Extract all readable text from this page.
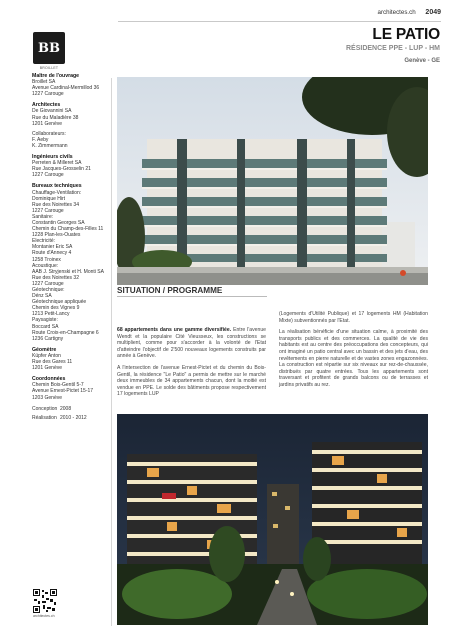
architectes.ch 2049
BB
BROILLET
LE PATIO
RÉSIDENCE PPE - LUP - HM
Genève - GE
Maître de l'ouvrage
Broillet SA
Avenue Cardinal-Mermillod 36
1227 Carouge
Architectes
De Giovannini SA
Rue du Maladière 38
1201 Genève
Collaborateurs:
F. Aeby
K. Zimmermann
Ingénieurs civils
Perreten & Milleret SA
Rue Jacques-Grosselin 21
1227 Carouge
Bureaux techniques
Chauffage-Ventilation:
Dominique Hirt
Rue des Noirettes 34
1227 Carouge
Sanitaire:
Constantin Georges SA
Chemin du Champ-des-Filles 11
1228 Plan-les-Ouates
Electricité:
Montanier Eric SA
Route d'Annecy 4
1258 Troinex
Acoustique:
AAB J. Stryjenski et H. Monti SA
Rue des Noirettes 32
1227 Carouge
Géotechnique:
Dénz SA
Géotechnique appliquée
Chemin des Vignes 9
1213 Petit-Lancy
Paysagiste:
Boccard SA
Route Croix-en-Champagne 6
1236 Cartigny
Géomètre
Küpfer Anton
Rue des Gares 11
1201 Genève
Coordonnées
Chemin Bois-Gentil 5-7
Avenue Ernest-Pictet 15-17
1203 Genève
Conception 2008
Réalisation 2010 - 2012
SITUATION / PROGRAMME

68 appartements dans une gamme diversifiée. Entre l'avenue Wendt et la populaire Cité Vieusseux, les constructions se multiplient, comme pour s'accorder à la volonté de l'Etat d'atteindre l'objectif de 2'500 nouveaux logements construits par année à Genève.

A l'intersection de l'avenue Ernest-Pictet et du chemin du Bois-Gentil, la résidence "Le Patio" a permis de mettre sur le marché deux immeubles de 34 appartements chacun, dont la moitié est vendue en PPE. Le solde des bâtiments propose respectivement 17 logements LUP

(Logements d'Utilité Publique) et 17 logements HM (Habitation Mixte) subventionnés par l'Etat.

La réalisation bénéficie d'une situation calme, à proximité des transports publics et des commerces. La qualité de vie des habitants est au centre des préoccupations des concepteurs, qui ont imaginé un patio central avec un bassin et des jets d'eau, des revêtements en pierre naturelle et de vastes zones engazonnées. La construction est répartie sur six niveaux sur rez-de-chaussée, distribués par quatre entrées. Tous les appartements sont traversant et profitent de grands balcons ou de terrasses et jardins privatifs au rez.

architectes.ch
